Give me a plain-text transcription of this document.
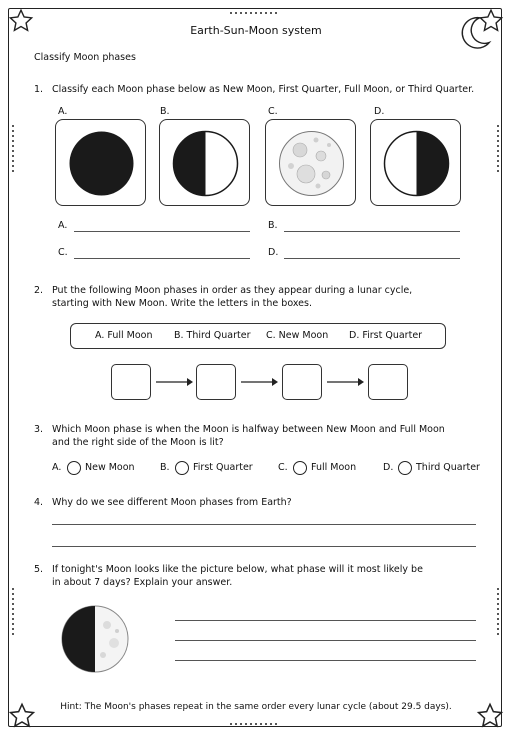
Earth-Sun-Moon system
Classify Moon phases
1. Classify each Moon phase below as New Moon, First Quarter, Full Moon, or Third Quarter.
A.	B.	C.	D.
A.	B.
C.	D.
2. Put the following Moon phases in order as they appear during a lunar cycle,
starting with New Moon. Write the letters in the boxes.
A. Full Moon B. Third Quarter C. New Moon D. First Quarter
3. Which Moon phase is when the Moon is halfway between New Moon and Full Moon
and the right side of the Moon is lit?
A. New Moon	B. First Quarter	C. Full Moon	D. Third Quarter
4. Why do we see different Moon phases from Earth?
5. If tonight's Moon looks like the picture below, what phase will it most likely be
in about 7 days? Explain your answer.
Hint: The Moon's phases repeat in the same order every lunar cycle (about 29.5 days).
